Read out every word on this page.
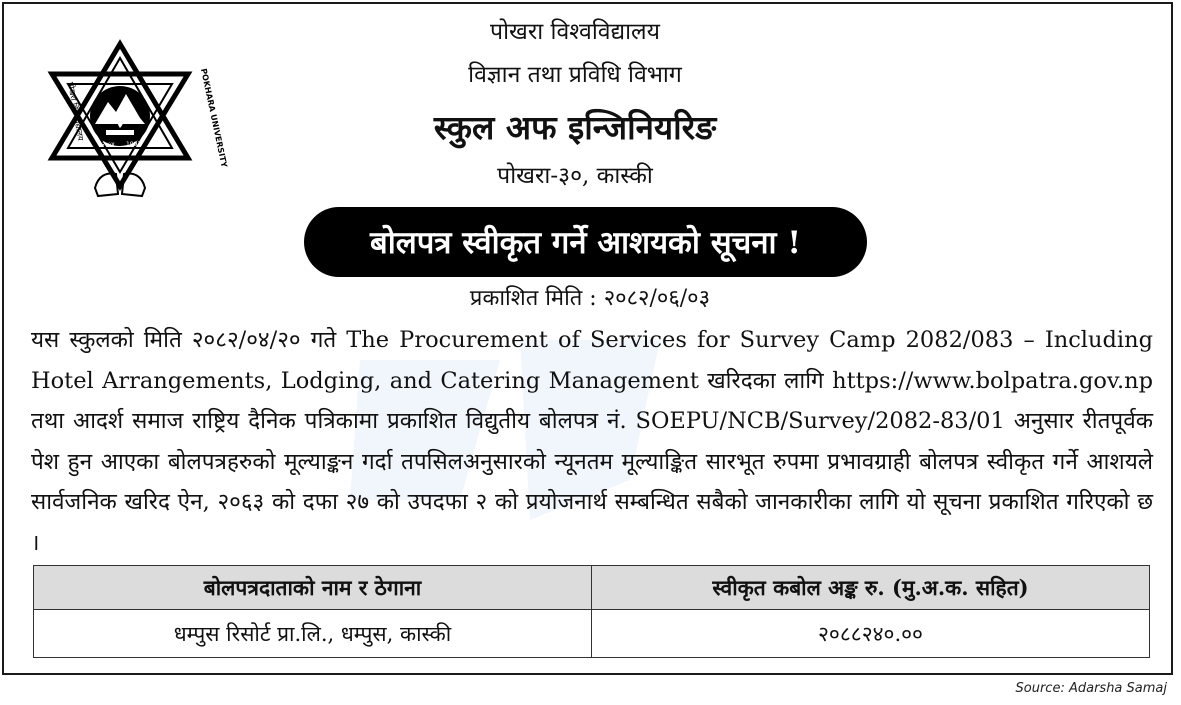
२०५४ 1997
पोखरा विश्वविद्यालय	POKHARA UNIVERSITY
पोखरा विश्वविद्यालय
विज्ञान तथा प्रविधि विभाग
स्कुल अफ इन्जिनियरिङ
पोखरा-३०, कास्की
बोलपत्र स्वीकृत गर्ने आशयको सूचना !
प्रकाशित मिति : २०८२/०६/०३
यस स्कुलको मिति २०८२/०४/२० गते The Procurement of Services for Survey Camp 2082/083 – Including Hotel Arrangements, Lodging, and Catering Management खरिदका लागि https://www.bolpatra.gov.np तथा आदर्श समाज राष्ट्रिय दैनिक पत्रिकामा प्रकाशित विद्युतीय बोलपत्र नं. SOEPU/NCB/Survey/2082-83/01 अनुसार रीतपूर्वक पेश हुन आएका बोलपत्रहरुको मूल्याङ्कन गर्दा तपसिलअनुसारको न्यूनतम मूल्याङ्कित सारभूत रुपमा प्रभावग्राही बोलपत्र स्वीकृत गर्ने आशयले सार्वजनिक खरिद ऐन, २०६३ को दफा २७ को उपदफा २ को प्रयोजनार्थ सम्बन्धित सबैको जानकारीका लागि यो सूचना प्रकाशित गरिएको छ ।
बोलपत्रदाताको नाम र ठेगाना	स्वीकृत कबोल अङ्क रु. (मु.अ.क. सहित)
धम्पुस रिसोर्ट प्रा.लि., धम्पुस, कास्की	२०८८२४०.००
Source: Adarsha Samaj
